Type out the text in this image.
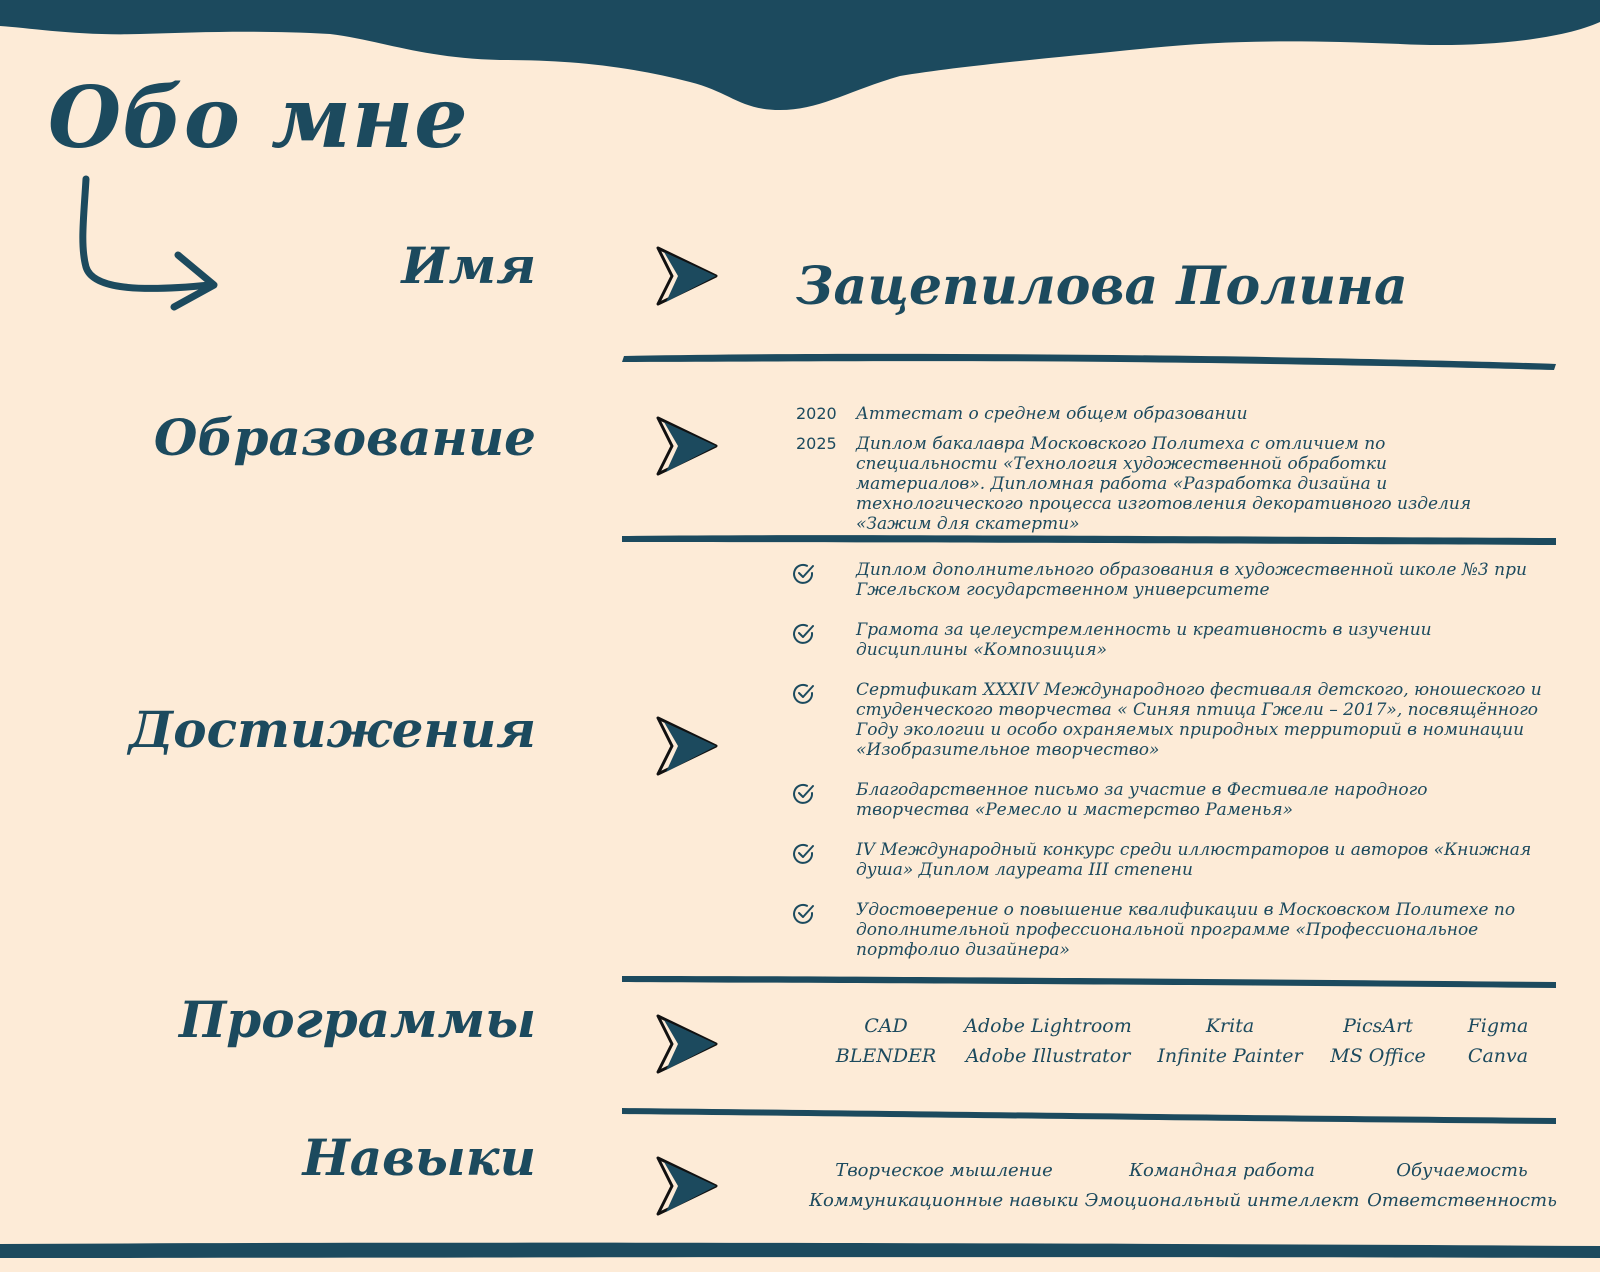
Обо мне
Имя
Образование
Достижения
Программы
Навыки
Зацепилова Полина
2020	Аттестат о среднем общем образовании
2025	Диплом бакалавра Московского Политеха с отличием по специальности «Технология художественной обработки материалов». Дипломная работа «Разработка дизайна и технологического процесса изготовления декоративного изделия «Зажим для скатерти»
Диплом дополнительного образования в художественной школе №3 при Гжельском государственном университете
Грамота за целеустремленность и креативность в изучении дисциплины «Композиция»
Сертификат XXXIV Международного фестиваля детского, юношеского и студенческого творчества « Синяя птица Гжели – 2017», посвящённого Году экологии и особо охраняемых природных территорий в номинации «Изобразительное творчество»
Благодарственное письмо за участие в Фестивале народного творчества «Ремесло и мастерство Раменья»
IV Международный конкурс среди иллюстраторов и авторов «Книжная душа» Диплом лауреата III степени
Удостоверение о повышение квалификации в Московском Политехе по дополнительной профессиональной программе «Профессиональное портфолио дизайнера»
CAD
BLENDER
Adobe Lightroom
Adobe Illustrator
Krita
Infinite Painter
PicsArt
MS Office
Figma
Canva
Творческое мышление
Коммуникационные навыки
Командная работа
Эмоциональный интеллект
Обучаемость
Ответственность
